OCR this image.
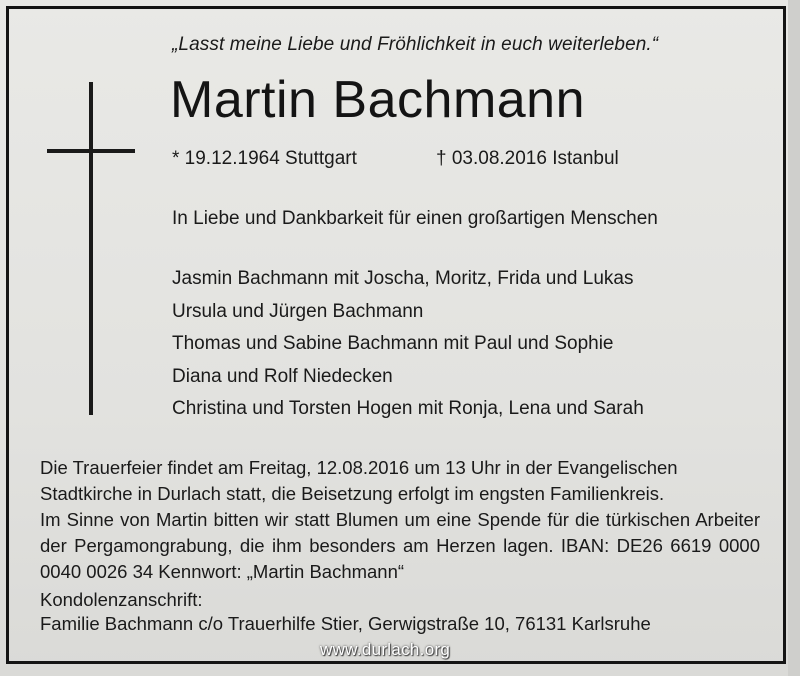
„Lasst meine Liebe und Fröhlichkeit in euch weiterleben.“
Martin Bachmann
* 19.12.1964 Stuttgart	† 03.08.2016 Istanbul
In Liebe und Dankbarkeit für einen großartigen Menschen
Jasmin Bachmann mit Joscha, Moritz, Frida und Lukas
Ursula und Jürgen Bachmann
Thomas und Sabine Bachmann mit Paul und Sophie
Diana und Rolf Niedecken
Christina und Torsten Hogen mit Ronja, Lena und Sarah

Die Trauerfeier findet am Freitag, 12.08.2016 um 13 Uhr in der Evangelischen Stadtkirche in Durlach statt, die Beisetzung erfolgt im engsten Familienkreis.

Im Sinne von Martin bitten wir statt Blumen um eine Spende für die türkischen Arbeiter der Pergamongrabung, die ihm besonders am Herzen lagen. IBAN: DE26 6619 0000 0040 0026 34 Kennwort: „Martin Bachmann“

Kondolenzanschrift:
Familie Bachmann c/o Trauerhilfe Stier, Gerwigstraße 10, 76131 Karlsruhe
www.durlach.org
